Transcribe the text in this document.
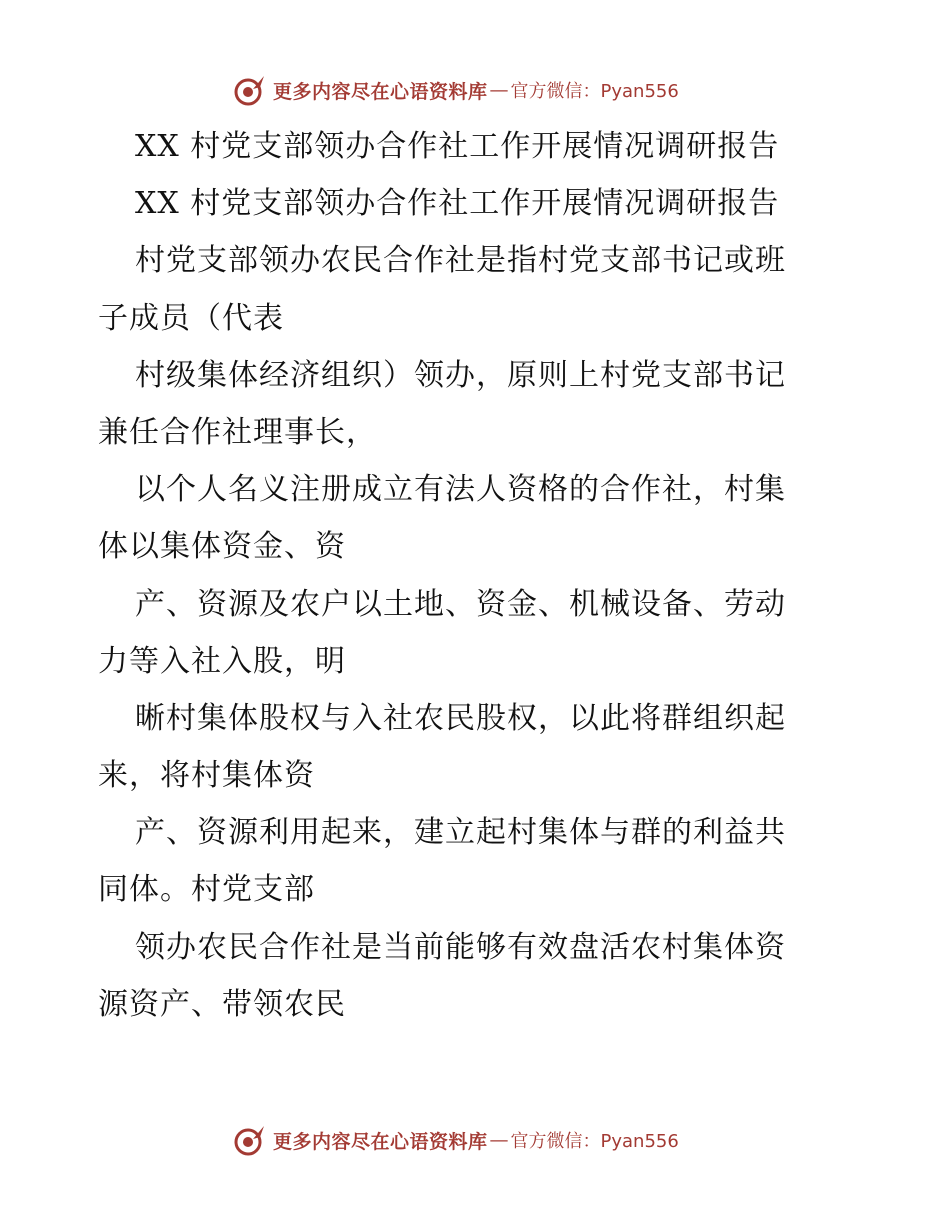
更多内容尽在心语资料库 — 官方微信：Pyan556
XX 村党支部领办合作社工作开展情况调研报告
XX 村党支部领办合作社工作开展情况调研报告
村党支部领办农民合作社是指村党支部书记或班
子成员（代表
村级集体经济组织）领办，原则上村党支部书记
兼任合作社理事长，
以个人名义注册成立有法人资格的合作社，村集
体以集体资金、资
产、资源及农户以土地、资金、机械设备、劳动
力等入社入股，明
晰村集体股权与入社农民股权，以此将群组织起
来，将村集体资
产、资源利用起来，建立起村集体与群的利益共
同体。村党支部
领办农民合作社是当前能够有效盘活农村集体资
源资产、带领农民
更多内容尽在心语资料库 — 官方微信：Pyan556
